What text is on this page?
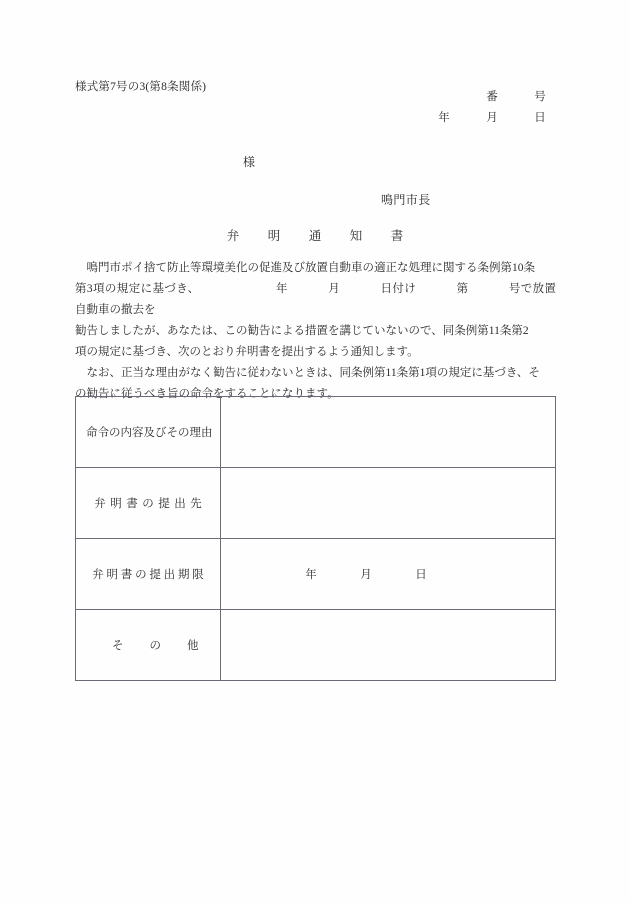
様式第7号の3(第8条関係)
番	号
年	月	日
様
鳴門市長
弁　明　通　知　書

　鳴門市ポイ捨て防止等環境美化の促進及び放置自動車の適正な処理に関する条例第10条

第3項の規定に基づき、	年	月	日付け	第	号で放置自動車の撤去を

勧告しましたが、あなたは、この勧告による措置を講じていないので、同条例第11条第2

項の規定に基づき、次のとおり弁明書を提出するよう通知します。

　なお、正当な理由がなく勧告に従わないときは、同条例第11条第1項の規定に基づき、そ

の勧告に従うべき旨の命令をすることになります。

命令の内容及びその理由	
弁明書の提出先	
弁明書の提出期限	年 月 日

その他	
